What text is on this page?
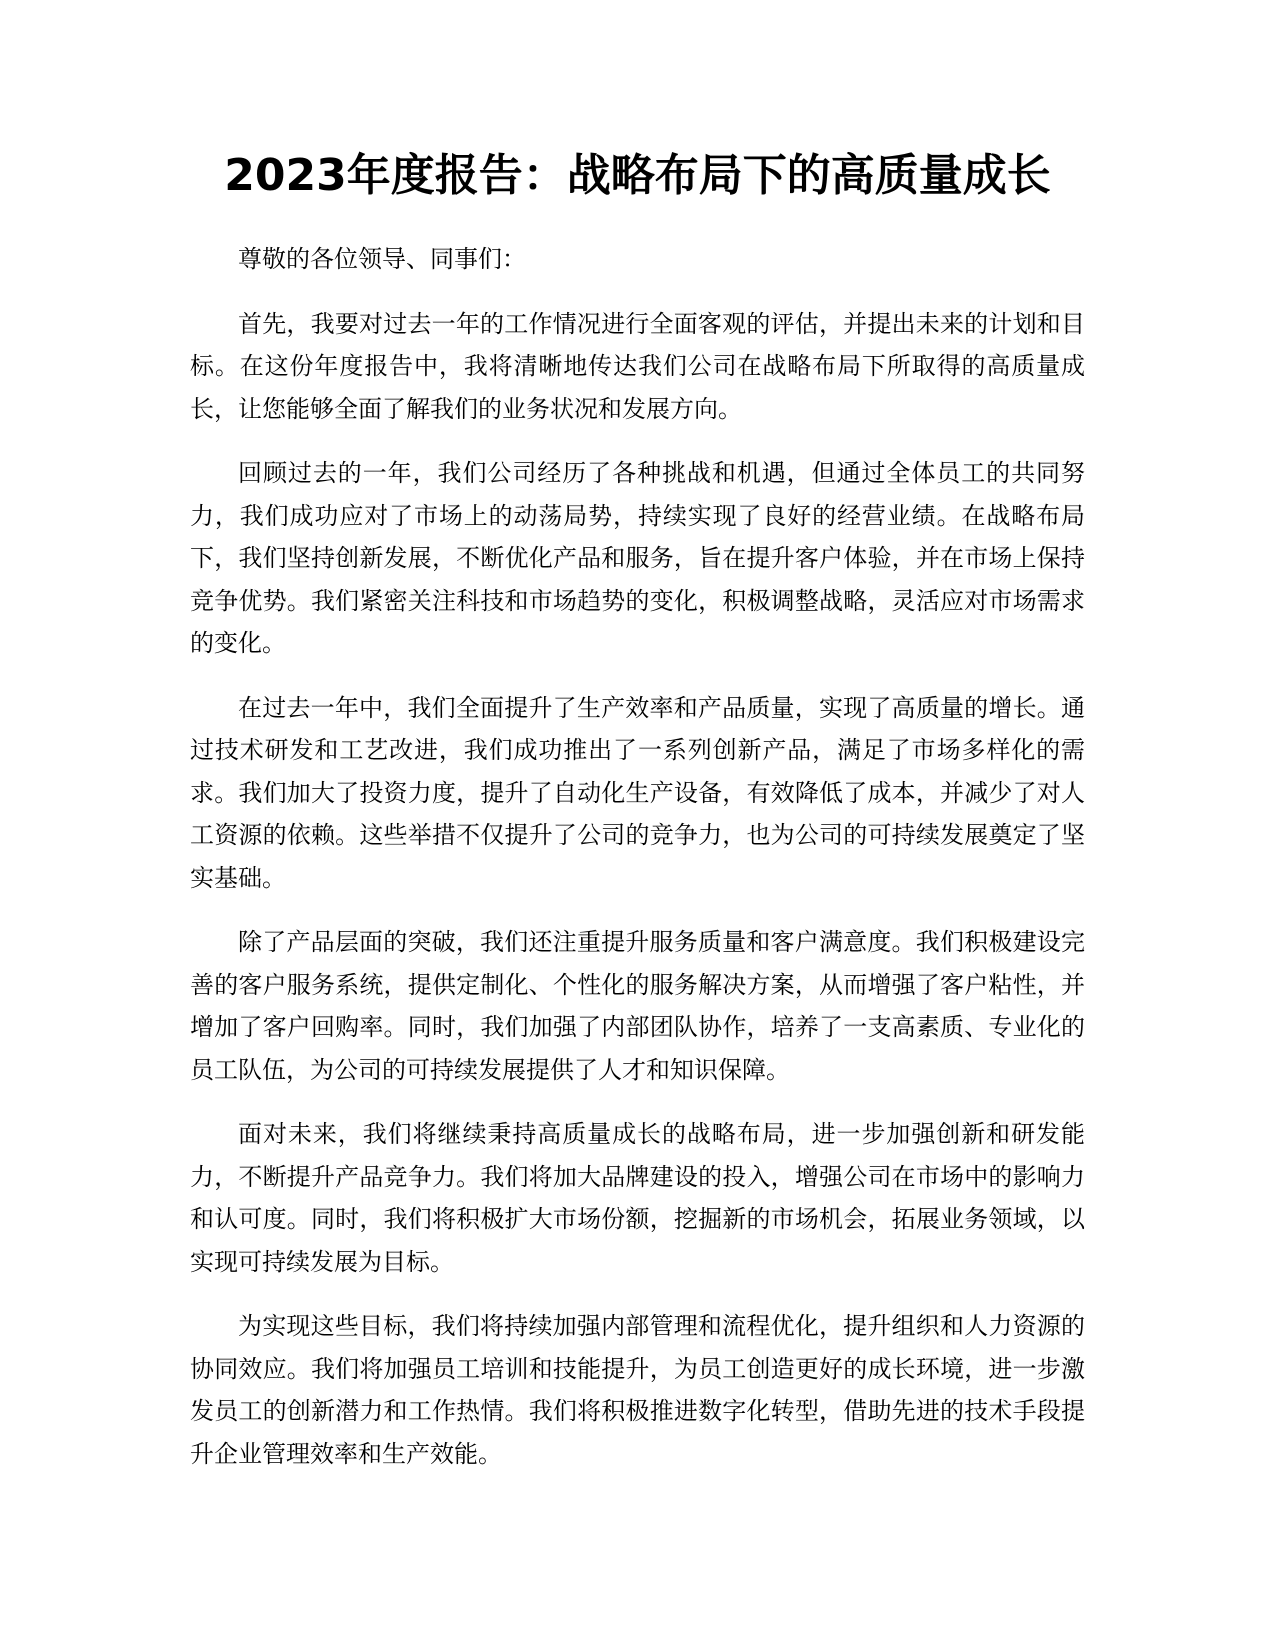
2023年度报告：战略布局下的高质量成长

尊敬的各位领导、同事们：

首先，我要对过去一年的工作情况进行全面客观的评估，并提出未来的计划和目标。在这份年度报告中，我将清晰地传达我们公司在战略布局下所取得的高质量成长，让您能够全面了解我们的业务状况和发展方向。

回顾过去的一年，我们公司经历了各种挑战和机遇，但通过全体员工的共同努力，我们成功应对了市场上的动荡局势，持续实现了良好的经营业绩。在战略布局下，我们坚持创新发展，不断优化产品和服务，旨在提升客户体验，并在市场上保持竞争优势。我们紧密关注科技和市场趋势的变化，积极调整战略，灵活应对市场需求的变化。

在过去一年中，我们全面提升了生产效率和产品质量，实现了高质量的增长。通过技术研发和工艺改进，我们成功推出了一系列创新产品，满足了市场多样化的需求。我们加大了投资力度，提升了自动化生产设备，有效降低了成本，并减少了对人工资源的依赖。这些举措不仅提升了公司的竞争力，也为公司的可持续发展奠定了坚实基础。

除了产品层面的突破，我们还注重提升服务质量和客户满意度。我们积极建设完善的客户服务系统，提供定制化、个性化的服务解决方案，从而增强了客户粘性，并增加了客户回购率。同时，我们加强了内部团队协作，培养了一支高素质、专业化的员工队伍，为公司的可持续发展提供了人才和知识保障。

面对未来，我们将继续秉持高质量成长的战略布局，进一步加强创新和研发能力，不断提升产品竞争力。我们将加大品牌建设的投入，增强公司在市场中的影响力和认可度。同时，我们将积极扩大市场份额，挖掘新的市场机会，拓展业务领域，以实现可持续发展为目标。

为实现这些目标，我们将持续加强内部管理和流程优化，提升组织和人力资源的协同效应。我们将加强员工培训和技能提升，为员工创造更好的成长环境，进一步激发员工的创新潜力和工作热情。我们将积极推进数字化转型，借助先进的技术手段提升企业管理效率和生产效能。
